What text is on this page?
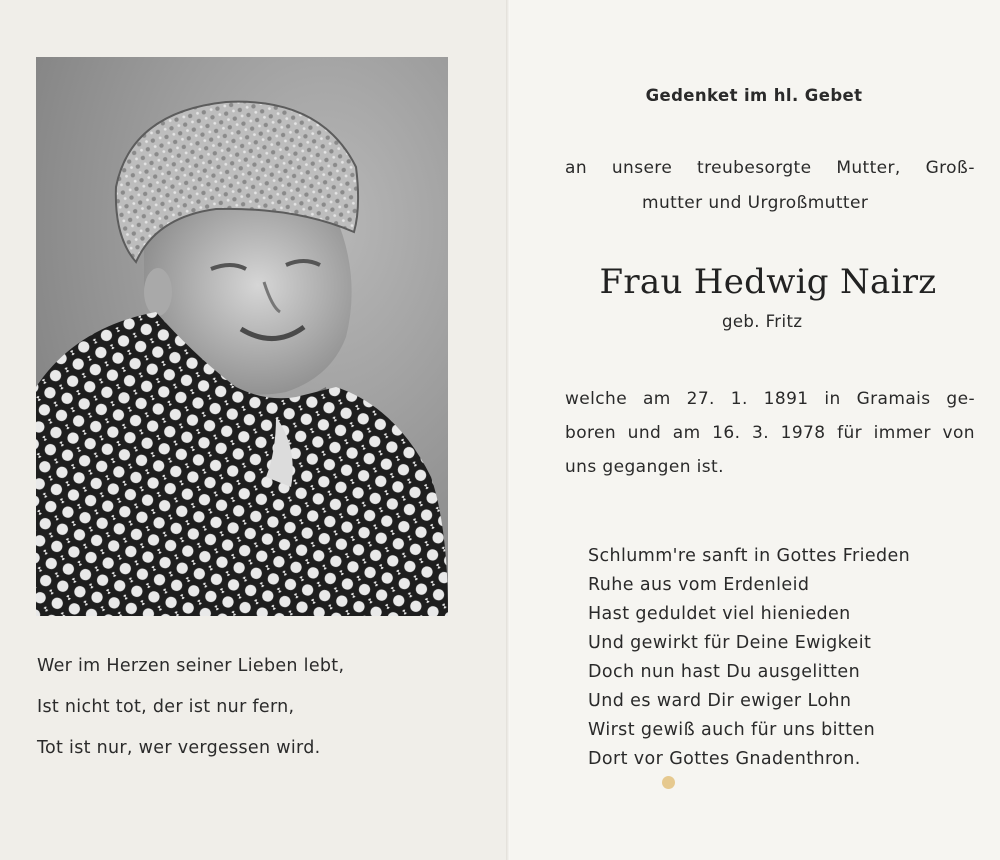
Wer im Herzen seiner Lieben lebt,
Ist nicht tot, der ist nur fern,
Tot ist nur, wer vergessen wird.
Gedenket im hl. Gebet
an unsere treubesorgte Mutter, Groß-
mutter und Urgroßmutter
Frau Hedwig Nairz
geb. Fritz
welche am 27. 1. 1891 in Gramais ge-
boren und am 16. 3. 1978 für immer von
uns gegangen ist.
Schlumm're sanft in Gottes Frieden
Ruhe aus vom Erdenleid
Hast geduldet viel hienieden
Und gewirkt für Deine Ewigkeit
Doch nun hast Du ausgelitten
Und es ward Dir ewiger Lohn
Wirst gewiß auch für uns bitten
Dort vor Gottes Gnadenthron.
